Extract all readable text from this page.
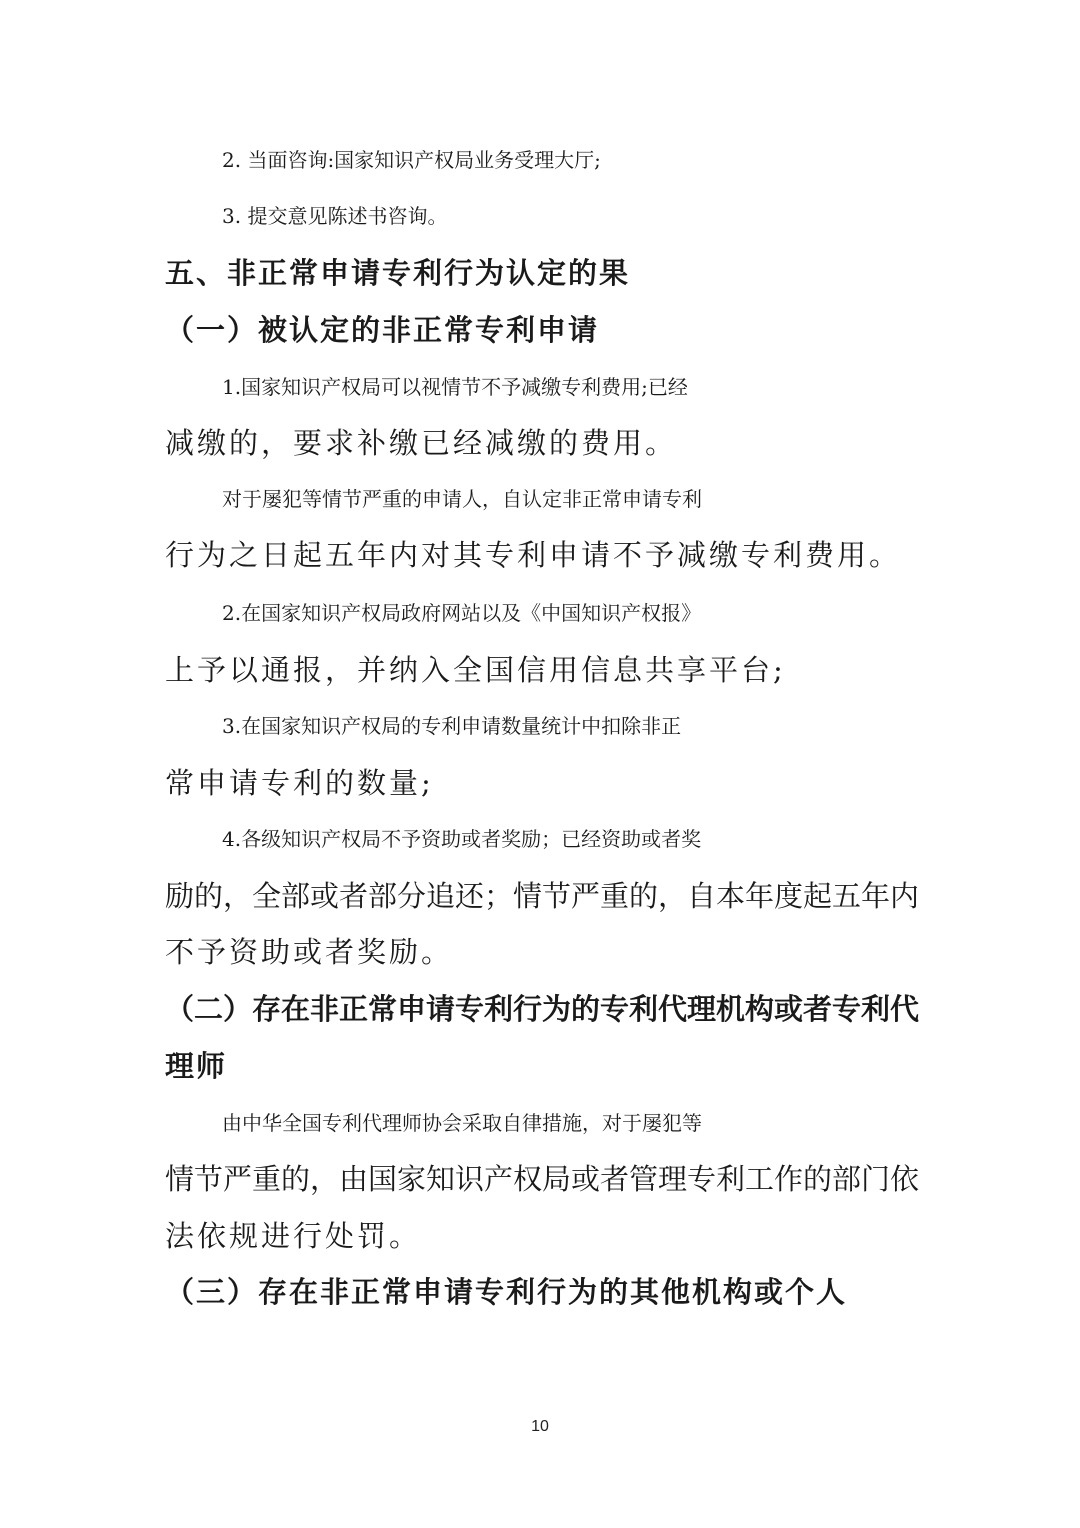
2. 当面咨询:国家知识产权局业务受理大厅;
3. 提交意见陈述书咨询。
五、非正常申请专利行为认定的果
（一）被认定的非正常专利申请
1.国家知识产权局可以视情节不予减缴专利费用;已经
减缴的，要求补缴已经减缴的费用。
对于屡犯等情节严重的申请人，自认定非正常申请专利
行为之日起五年内对其专利申请不予减缴专利费用。
2.在国家知识产权局政府网站以及《中国知识产权报》
上予以通报，并纳入全国信用信息共享平台;
3.在国家知识产权局的专利申请数量统计中扣除非正
常申请专利的数量;
4.各级知识产权局不予资助或者奖励；已经资助或者奖
励的，全部或者部分追还；情节严重的，自本年度起五年内
不予资助或者奖励。
（二）存在非正常申请专利行为的专利代理机构或者专利代
理师
由中华全国专利代理师协会采取自律措施，对于屡犯等
情节严重的，由国家知识产权局或者管理专利工作的部门依
法依规进行处罚。
（三）存在非正常申请专利行为的其他机构或个人
10
